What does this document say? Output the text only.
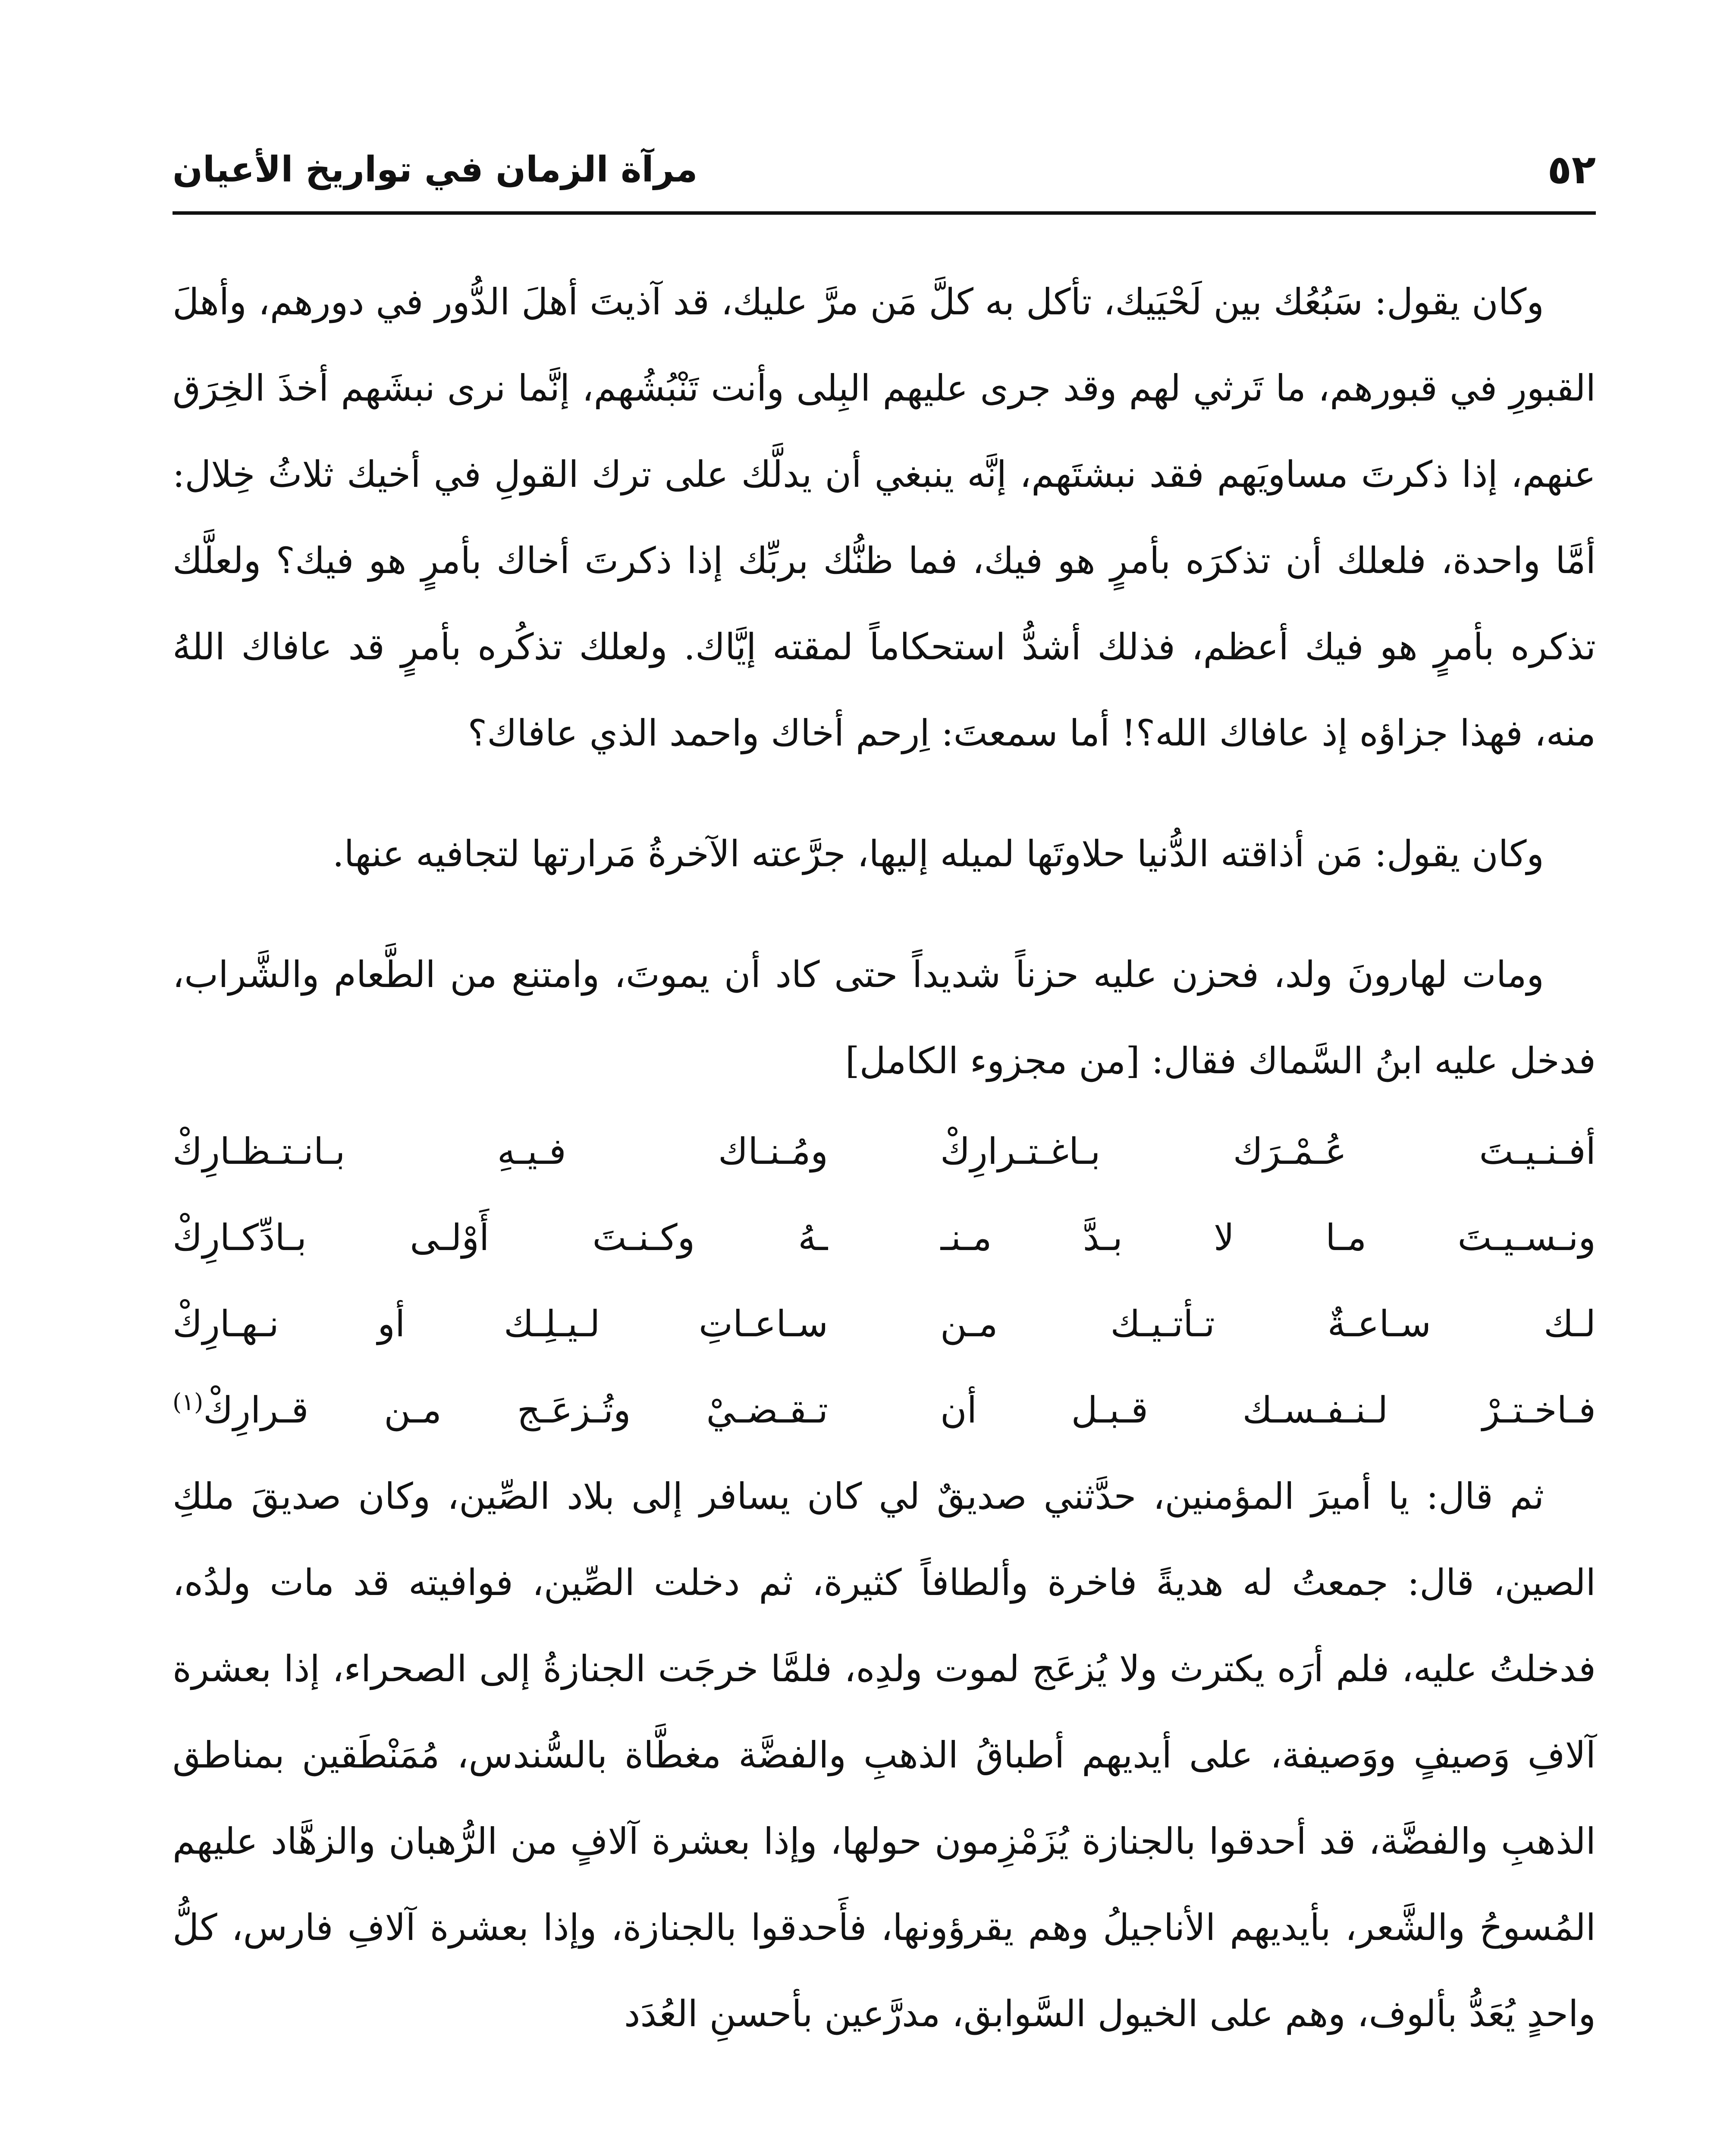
٥٢
مرآة الزمان في تواريخ الأعيان

وكان يقول: سَبُعُك بين لَحْيَيك، تأكل به كلَّ مَن مرَّ عليك، قد آذيتَ أهلَ الدُّور في دورهم، وأهلَ القبورِ في قبورهم، ما تَرثي لهم وقد جرى عليهم البِلى وأنت تَنْبُشُهم، إنَّما نرى نبشَهم أخذَ الخِرَق عنهم، إذا ذكرتَ مساويَهم فقد نبشتَهم، إنَّه ينبغي أن يدلَّك على ترك القولِ في أخيك ثلاثُ خِلال: أمَّا واحدة، فلعلك أن تذكرَه بأمرٍ هو فيك، فما ظنُّك بربِّك إذا ذكرتَ أخاك بأمرٍ هو فيك؟ ولعلَّك تذكره بأمرٍ هو فيك أعظم، فذلك أشدُّ استحكاماً لمقته إيَّاك. ولعلك تذكُره بأمرٍ قد عافاك اللهُ منه، فهذا جزاؤه إذ عافاك الله؟! أما سمعتَ: اِرحم أخاك واحمد الذي عافاك؟

وكان يقول: مَن أذاقته الدُّنيا حلاوتَها لميله إليها، جرَّعته الآخرةُ مَرارتها لتجافيه عنها.

ومات لهارونَ ولد، فحزن عليه حزناً شديداً حتى كاد أن يموتَ، وامتنع من الطَّعام والشَّراب، فدخل عليه ابنُ السَّماك فقال: [من مجزوء الكامل]

أفـنـيـتَ عُـمْـرَك بـاغـتـرارِكْ
ومُـنـاك فـيـهِ بـانـتـظـارِكْ
ونـسـيـتَ مـا لا بـدَّ مـنـ
ـهُ وكـنـتَ أَوْلـى بـادِّكـارِكْ
لـك سـاعـةٌ تـأتـيـك مـن
سـاعـاتِ لـيـلِـك أو نـهـارِكْ
فـاخـتـرْ لـنـفـسـك قـبـل أن
تـقـضـيْ وتُـزعَـج مـن قـرارِكْ$^{(١)}$

ثم قال: يا أميرَ المؤمنين، حدَّثني صديقٌ لي كان يسافر إلى بلاد الصِّين، وكان صديقَ ملكِ الصين، قال: جمعتُ له هديةً فاخرة وألطافاً كثيرة، ثم دخلت الصِّين، فوافيته قد مات ولدُه، فدخلتُ عليه، فلم أرَه يكترث ولا يُزعَج لموت ولدِه، فلمَّا خرجَت الجنازةُ إلى الصحراء، إذا بعشرة آلافِ وَصيفٍ ووَصيفة، على أيديهم أطباقُ الذهبِ والفضَّة مغطَّاة بالسُّندس، مُمَنْطَقين بمناطق الذهبِ والفضَّة، قد أحدقوا بالجنازة يُزَمْزِمون حولها، وإذا بعشرة آلافٍ من الرُّهبان والزهَّاد عليهم المُسوحُ والشَّعر، بأيديهم الأناجيلُ وهم يقرؤونها، فأَحدقوا بالجنازة، وإذا بعشرة آلافِ فارس، كلُّ واحدٍ يُعَدُّ بألوف، وهم على الخيول السَّوابق، مدرَّعين بأحسنِ العُدَد
